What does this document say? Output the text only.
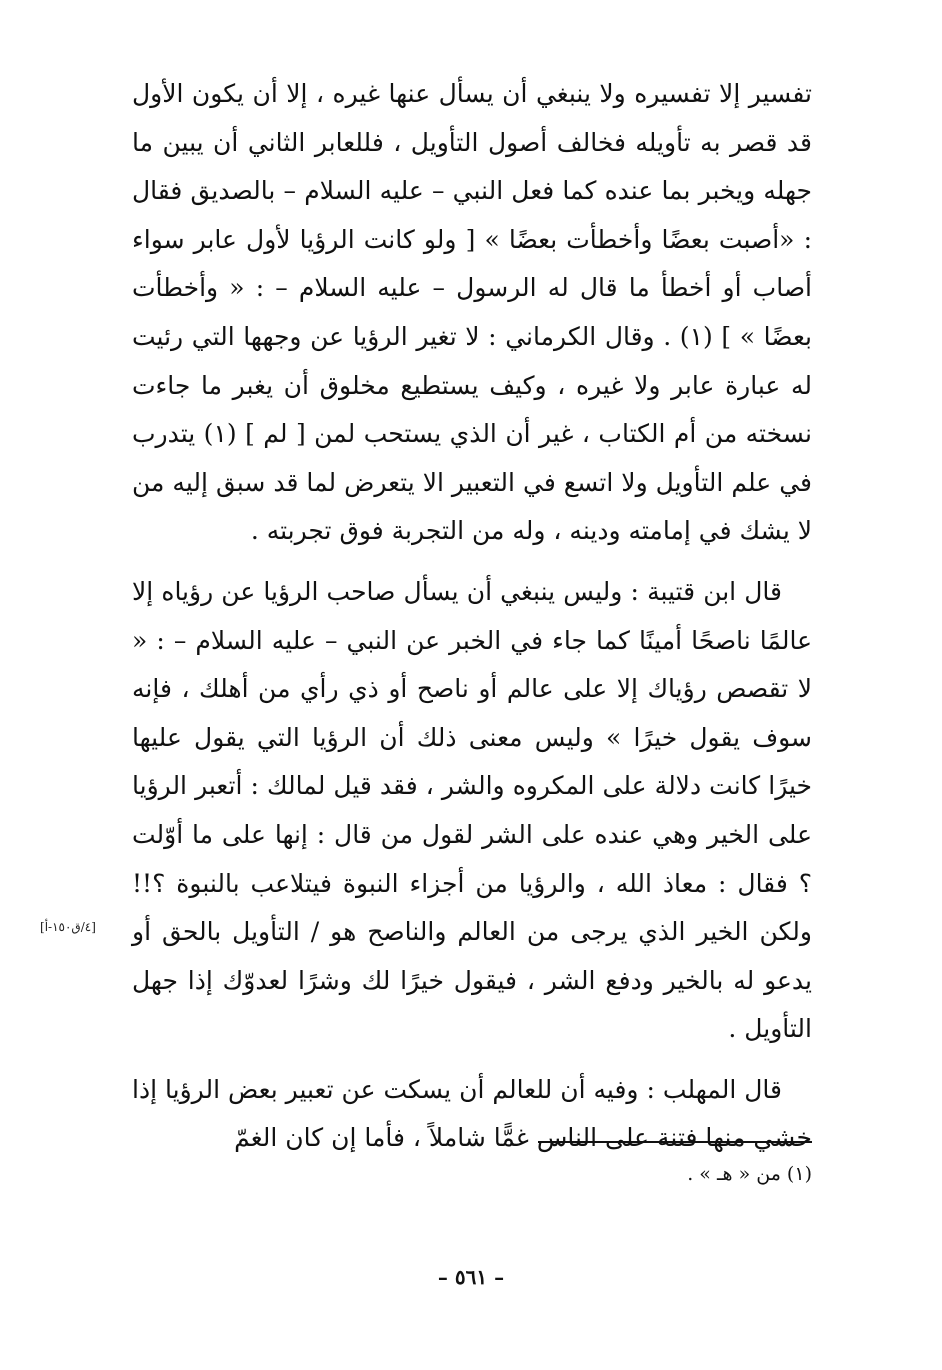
تفسير إلا تفسيره ولا ينبغي أن يسأل عنها غيره ، إلا أن يكون الأول قد قصر به تأويله فخالف أصول التأويل ، فللعابر الثاني أن يبين ما جهله ويخبر بما عنده كما فعل النبي – عليه السلام – بالصديق فقال : «أصبت بعضًا وأخطأت بعضًا » [ ولو كانت الرؤيا لأول عابر سواء أصاب أو أخطأ ما قال له الرسول – عليه السلام – : « وأخطأت بعضًا » ] (١) . وقال الكرماني : لا تغير الرؤيا عن وجهها التي رئيت له عبارة عابر ولا غيره ، وكيف يستطيع مخلوق أن يغبر ما جاءت نسخته من أم الكتاب ، غير أن الذي يستحب لمن [ لم ] (١) يتدرب في علم التأويل ولا اتسع في التعبير الا يتعرض لما قد سبق إليه من لا يشك في إمامته ودينه ، وله من التجربة فوق تجربته .

قال ابن قتيبة : وليس ينبغي أن يسأل صاحب الرؤيا عن رؤياه إلا عالمًا ناصحًا أمينًا كما جاء في الخبر عن النبي – عليه السلام – : « لا تقصص رؤياك إلا على عالم أو ناصح أو ذي رأي من أهلك ، فإنه سوف يقول خيرًا » وليس معنى ذلك أن الرؤيا التي يقول عليها خيرًا كانت دلالة على المكروه والشر ، فقد قيل لمالك : أتعبر الرؤيا على الخير وهي عنده على الشر لقول من قال : إنها على ما أوّلت ؟ فقال : معاذ الله ، والرؤيا من أجزاء النبوة فيتلاعب بالنبوة ؟!! ولكن الخير الذي يرجى من العالم والناصح هو / التأويل بالحق أو يدعو له بالخير ودفع الشر ، فيقول خيرًا لك وشرًا لعدوّك إذا جهل التأويل .

قال المهلب : وفيه أن للعالم أن يسكت عن تعبير بعض الرؤيا إذا خشي منها فتنة على الناس غمًّا شاملاً ، فأما إن كان الغمّ

[٤/ق١٥٠-أ]
(١) من « هـ » .
– ٥٦١ –
